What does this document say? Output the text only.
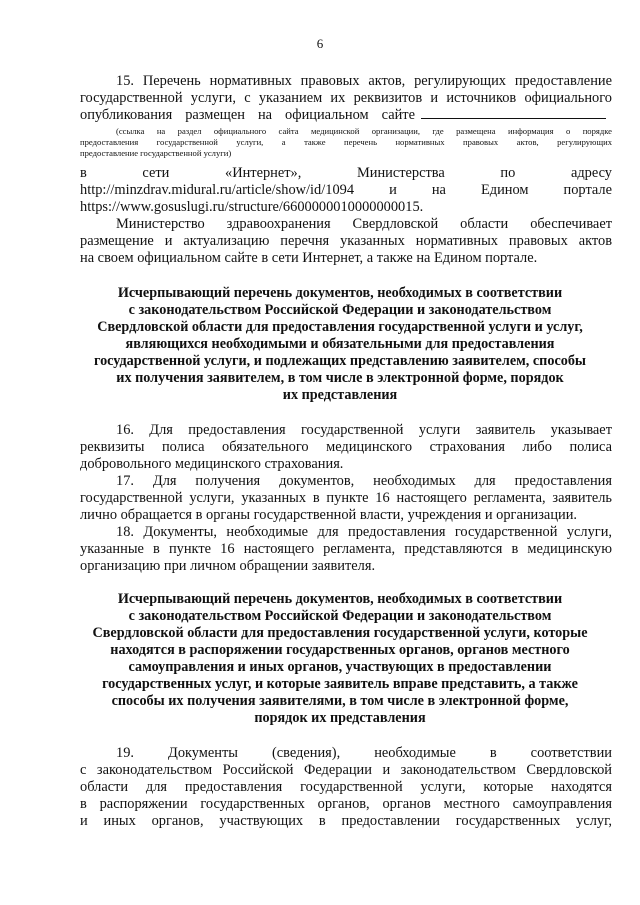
6
15. Перечень нормативных правовых актов, регулирующих предоставление
государственной услуги, с указанием их реквизитов и источников официального
опубликования размещен на официальном сайте
(ссылка на раздел официального сайта медицинской организации, где размещена информация о порядке
предоставления государственной услуги, а также перечень нормативных правовых актов, регулирующих
предоставление государственной услуги)
в сети «Интернет», Министерства по адресу
http://minzdrav.midural.ru/article/show/id/1094 и на Едином портале
https://www.gosuslugi.ru/structure/6600000010000000015.
Министерство здравоохранения Свердловской области обеспечивает
размещение и актуализацию перечня указанных нормативных правовых актов
на своем официальном сайте в сети Интернет, а также на Едином портале.
Исчерпывающий перечень документов, необходимых в соответствии
с законодательством Российской Федерации и законодательством
Свердловской области для предоставления государственной услуги и услуг,
являющихся необходимыми и обязательными для предоставления
государственной услуги, и подлежащих представлению заявителем, способы
их получения заявителем, в том числе в электронной форме, порядок
их представления
16. Для предоставления государственной услуги заявитель указывает
реквизиты полиса обязательного медицинского страхования либо полиса
добровольного медицинского страхования.
17. Для получения документов, необходимых для предоставления
государственной услуги, указанных в пункте 16 настоящего регламента, заявитель
лично обращается в органы государственной власти, учреждения и организации.
18. Документы, необходимые для предоставления государственной услуги,
указанные в пункте 16 настоящего регламента, представляются в медицинскую
организацию при личном обращении заявителя.
Исчерпывающий перечень документов, необходимых в соответствии
с законодательством Российской Федерации и законодательством
Свердловской области для предоставления государственной услуги, которые
находятся в распоряжении государственных органов, органов местного
самоуправления и иных органов, участвующих в предоставлении
государственных услуг, и которые заявитель вправе представить, а также
способы их получения заявителями, в том числе в электронной форме,
порядок их представления
19. Документы (сведения), необходимые в соответствии
с законодательством Российской Федерации и законодательством Свердловской
области для предоставления государственной услуги, которые находятся
в распоряжении государственных органов, органов местного самоуправления
и иных органов, участвующих в предоставлении государственных услуг,
